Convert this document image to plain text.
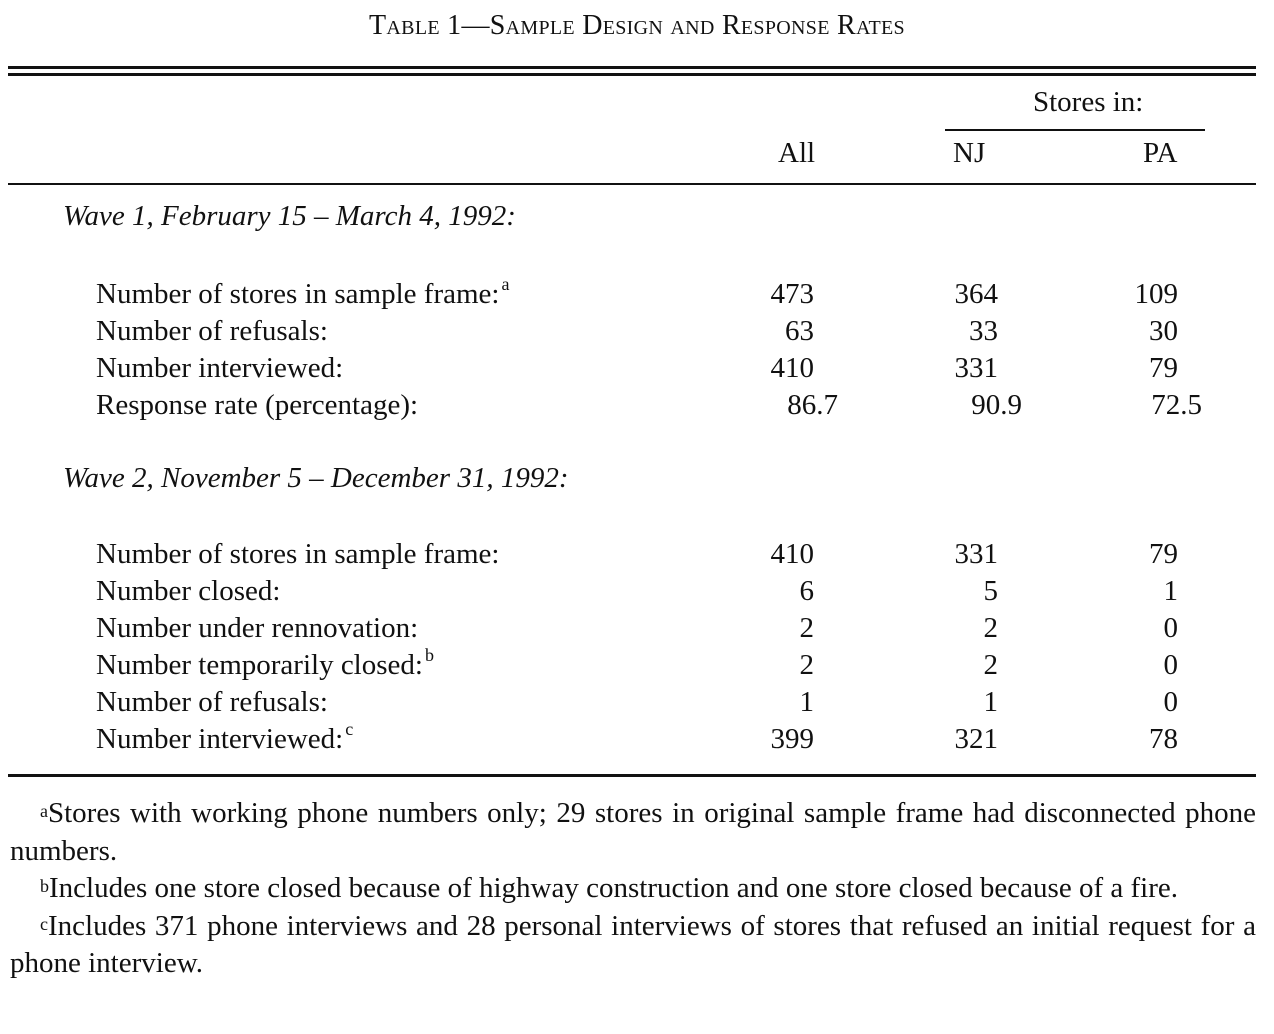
Table 1—Sample Design and Response Rates
Stores in:
All	NJ	PA
Wave 1, February 15 – March 4, 1992:
Number of stores in sample frame: $^a$	473	364	109
Number of refusals:	63	33	30
Number interviewed:	410	331	79
Response rate (percentage):	86.7	90.9	72.5
Wave 2, November 5 – December 31, 1992:
Number of stores in sample frame:	410	331	79
Number closed:	6	5	1
Number under rennovation:	2	2	0
Number temporarily closed: $^b$	2	2	0
Number of refusals:	1	1	0
Number interviewed: $^c$	399	321	78
$^a$Stores with working phone numbers only; 29 stores in original sample frame had disconnected phone numbers.
$^b$Includes one store closed because of highway construction and one store closed because of a fire.
$^c$Includes 371 phone interviews and 28 personal interviews of stores that refused an initial request for a phone interview.
